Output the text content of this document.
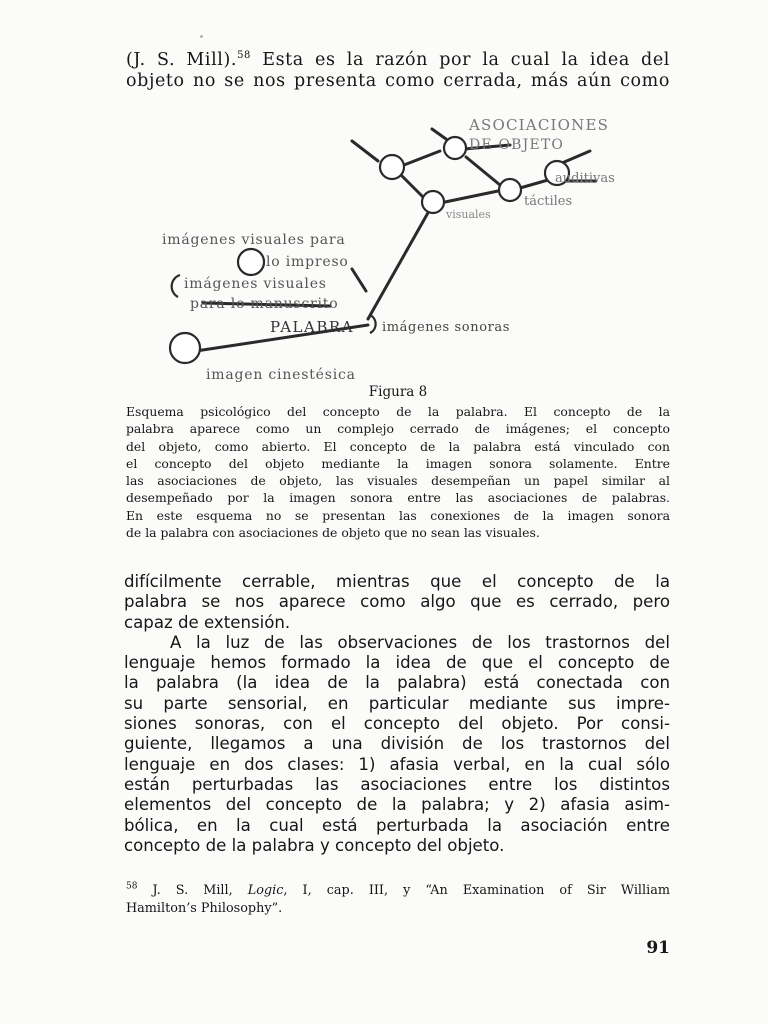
(J. S. Mill).$^{58}$ Esta es la razón por la cual la idea del
objeto no se nos presenta como cerrada, más aún como

ASOCIACIONES
DE OBJETO
auditivas
táctiles
visuales
imágenes visuales para
lo impreso
imágenes visuales
para lo manuscrito
PALABRA imágenes sonoras
imagen cinestésica

Figura 8

Esquema psicológico del concepto de la palabra. El concepto de la
palabra aparece como un complejo cerrado de imágenes; el concepto
del objeto, como abierto. El concepto de la palabra está vinculado con
el concepto del objeto mediante la imagen sonora solamente. Entre
las asociaciones de objeto, las visuales desempeñan un papel similar al
desempeñado por la imagen sonora entre las asociaciones de palabras.
En este esquema no se presentan las conexiones de la imagen sonora
de la palabra con asociaciones de objeto que no sean las visuales.

difícilmente cerrable, mientras que el concepto de la
palabra se nos aparece como algo que es cerrado, pero
capaz de extensión.
A la luz de las observaciones de los trastornos del
lenguaje hemos formado la idea de que el concepto de
la palabra (la idea de la palabra) está conectada con
su parte sensorial, en particular mediante sus impre-
siones sonoras, con el concepto del objeto. Por consi-
guiente, llegamos a una división de los trastornos del
lenguaje en dos clases: 1) afasia verbal, en la cual sólo
están perturbadas las asociaciones entre los distintos
elementos del concepto de la palabra; y 2) afasia asim-
bólica, en la cual está perturbada la asociación entre
concepto de la palabra y concepto del objeto.

$^{58}$ J. S. Mill, Logic, I, cap. III, y “An Examination of Sir William
Hamilton’s Philosophy”.

91
